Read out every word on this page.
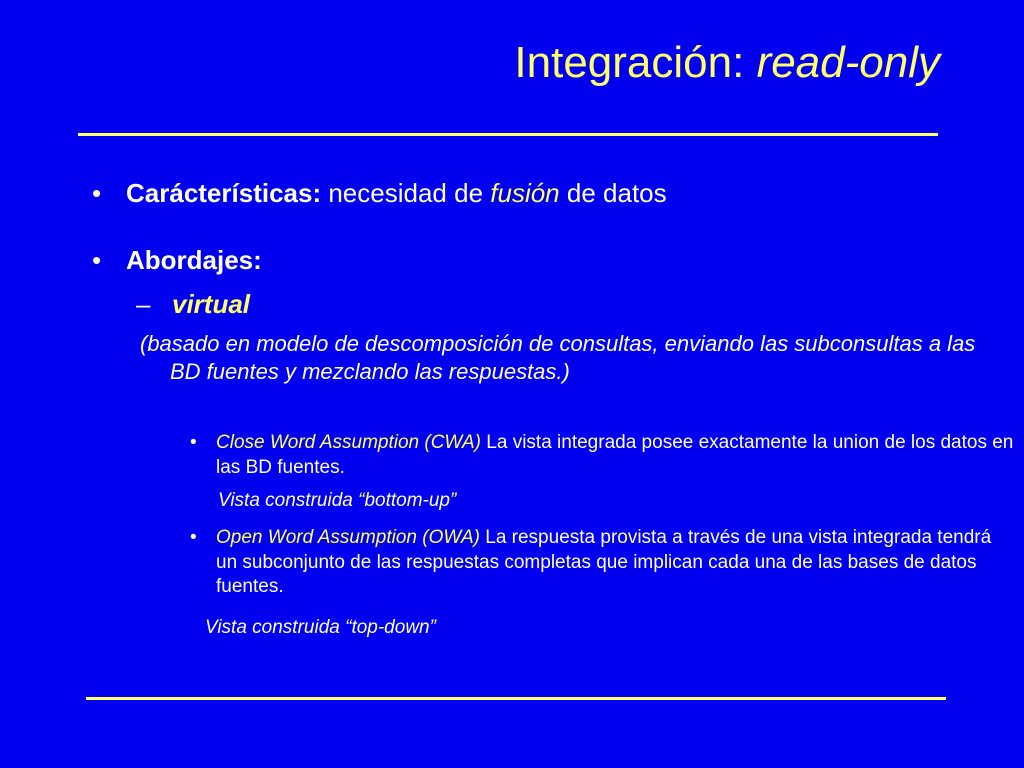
Integración: read-only
• Carácterísticas: necesidad de fusión de datos
• Abordajes:
– virtual
(basado en modelo de descomposición de consultas, enviando las subconsultas a las BD fuentes y mezclando las respuestas.)
• Close Word Assumption (CWA) La vista integrada posee exactamente la union de los datos en las BD fuentes.
Vista construida “bottom-up”
• Open Word Assumption (OWA) La respuesta provista a través de una vista integrada tendrá un subconjunto de las respuestas completas que implican cada una de las bases de datos fuentes.
Vista construida “top-down”
